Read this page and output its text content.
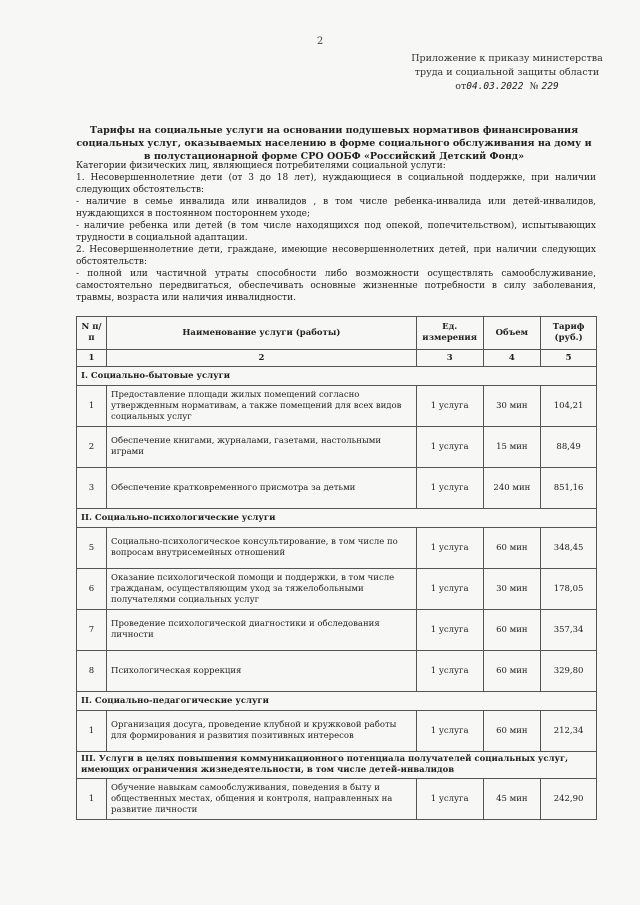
2
Приложение к приказу министерства
труда и социальной защиты области
от04.03.2022 № 229
Тарифы на социальные услуги на основании подушевых нормативов финансирования социальных услуг, оказываемых населению в форме социального обслуживания на дому и в полустационарной форме СРО ООБФ «Российский Детский Фонд»

Категории физических лиц, являющиеся потребителями социальной услуги:

1. Несовершеннолетние дети (от 3 до 18 лет), нуждающиеся в социальной поддержке, при наличии следующих обстоятельств:

- наличие в семье инвалида или инвалидов , в том числе ребенка-инвалида или детей-инвалидов, нуждающихся в постоянном постороннем уходе;

- наличие ребенка или детей (в том числе находящихся под опекой, попечительством), испытывающих трудности в социальной адаптации.

2. Несовершеннолетние дети, граждане, имеющие несовершеннолетних детей, при наличии следующих обстоятельств:

- полной или частичной утраты способности либо возможности осуществлять самообслуживание, самостоятельно передвигаться, обеспечивать основные жизненные потребности в силу заболевания, травмы, возраста или наличия инвалидности.

N п/п	Наименование услуги (работы)	Ед. измерения	Объем	Тариф (руб.)
1	2	3	4	5
I. Социально-бытовые услуги				
1	Предоставление площади жилых помещений согласно утвержденным нормативам, а также помещений для всех видов социальных услуг	1 услуга	30 мин	104,21
2	Обеспечение книгами, журналами, газетами, настольными играми	1 услуга	15 мин	88,49
3	Обеспечение кратковременного присмотра за детьми	1 услуга	240 мин	851,16
II. Социально-психологические услуги				
5	Социально-психологическое консультирование, в том числе по вопросам внутрисемейных отношений	1 услуга	60 мин	348,45
6	Оказание психологической помощи и поддержки, в том числе гражданам, осуществляющим уход за тяжелобольными получателями социальных услуг	1 услуга	30 мин	178,05
7	Проведение психологической диагностики и обследования личности	1 услуга	60 мин	357,34
8	Психологическая коррекция	1 услуга	60 мин	329,80
II. Социально-педагогические услуги				
1	Организация досуга, проведение клубной и кружковой работы для формирования и развития позитивных интересов	1 услуга	60 мин	212,34
III. Услуги в целях повышения коммуникационного потенциала получателей социальных услуг, имеющих ограничения жизнедеятельности, в том числе детей-инвалидов				
1	Обучение навыкам самообслуживания, поведения в быту и общественных местах, общения и контроля, направленных на развитие личности	1 услуга	45 мин	242,90
